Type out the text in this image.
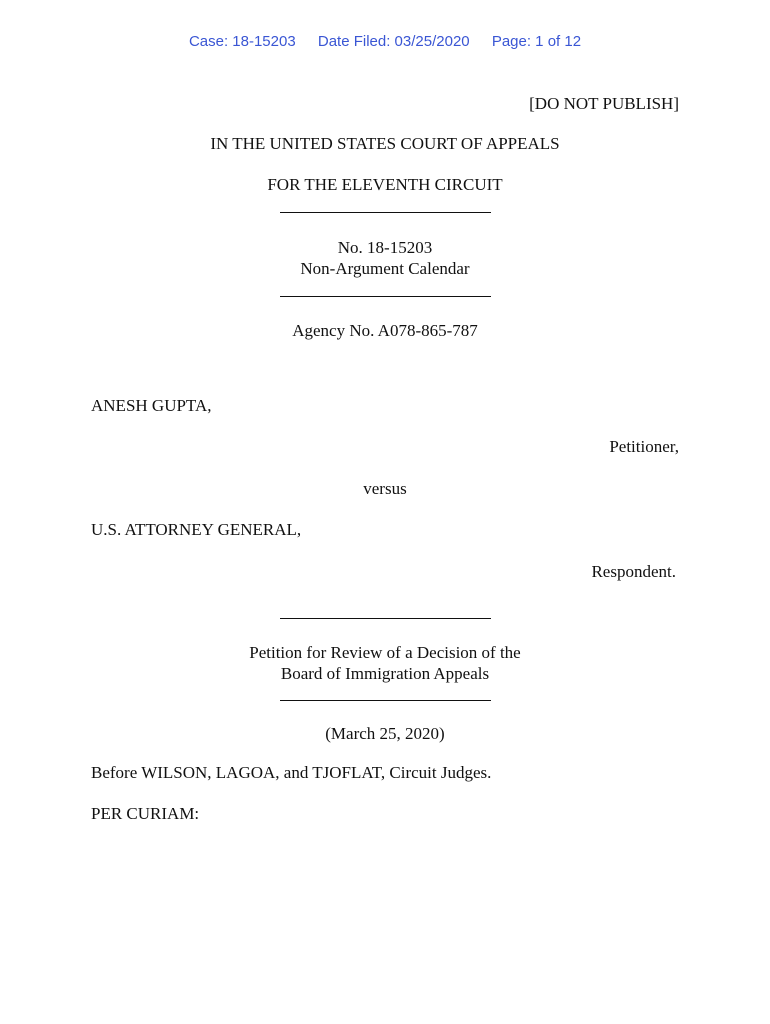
Case: 18-15203 Date Filed: 03/25/2020 Page: 1 of 12
[DO NOT PUBLISH]
IN THE UNITED STATES COURT OF APPEALS
FOR THE ELEVENTH CIRCUIT
No. 18-15203
Non-Argument Calendar
Agency No. A078-865-787
ANESH GUPTA,
Petitioner,
versus
U.S. ATTORNEY GENERAL,
Respondent.
Petition for Review of a Decision of the
Board of Immigration Appeals
(March 25, 2020)
Before WILSON, LAGOA, and TJOFLAT, Circuit Judges.
PER CURIAM:
